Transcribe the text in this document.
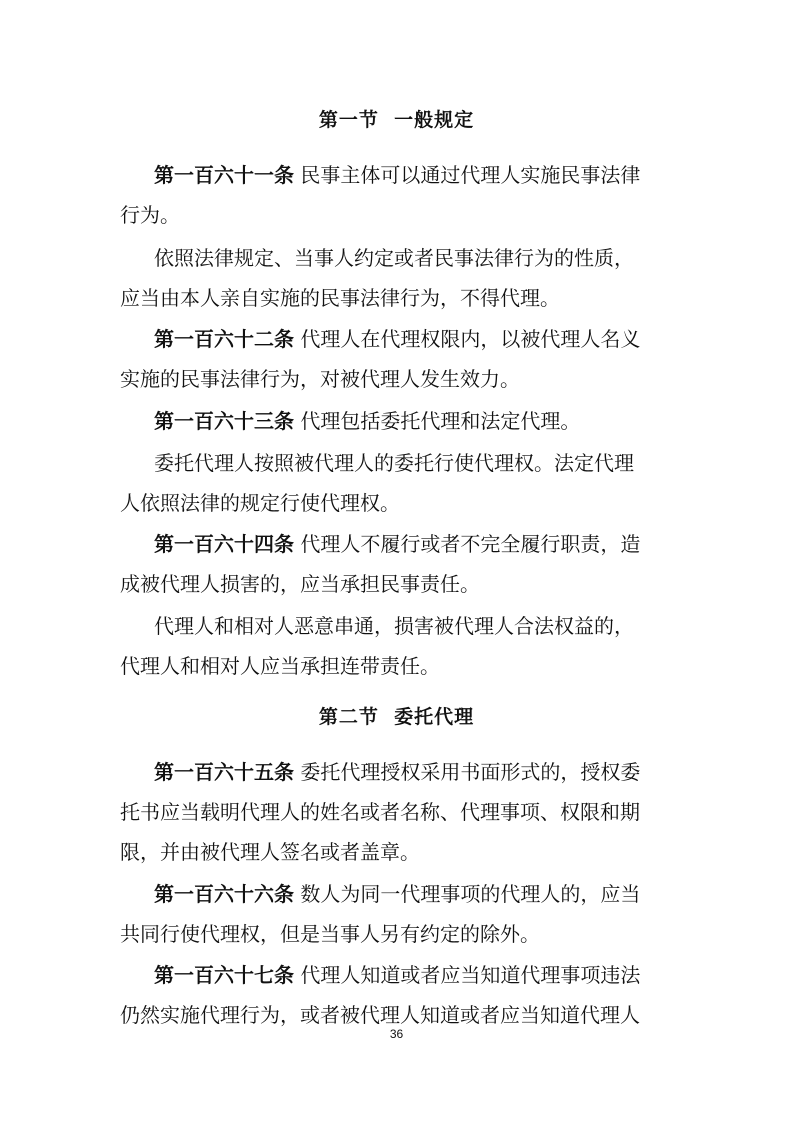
第一节  一般规定
第一百六十一条 民事主体可以通过代理人实施民事法律
行为。
依照法律规定、当事人约定或者民事法律行为的性质，
应当由本人亲自实施的民事法律行为，不得代理。
第一百六十二条 代理人在代理权限内，以被代理人名义
实施的民事法律行为，对被代理人发生效力。
第一百六十三条 代理包括委托代理和法定代理。
委托代理人按照被代理人的委托行使代理权。法定代理
人依照法律的规定行使代理权。
第一百六十四条 代理人不履行或者不完全履行职责，造
成被代理人损害的，应当承担民事责任。
代理人和相对人恶意串通，损害被代理人合法权益的，
代理人和相对人应当承担连带责任。
第二节  委托代理
第一百六十五条 委托代理授权采用书面形式的，授权委
托书应当载明代理人的姓名或者名称、代理事项、权限和期
限，并由被代理人签名或者盖章。
第一百六十六条 数人为同一代理事项的代理人的，应当
共同行使代理权，但是当事人另有约定的除外。
第一百六十七条 代理人知道或者应当知道代理事项违法
仍然实施代理行为，或者被代理人知道或者应当知道代理人
36
